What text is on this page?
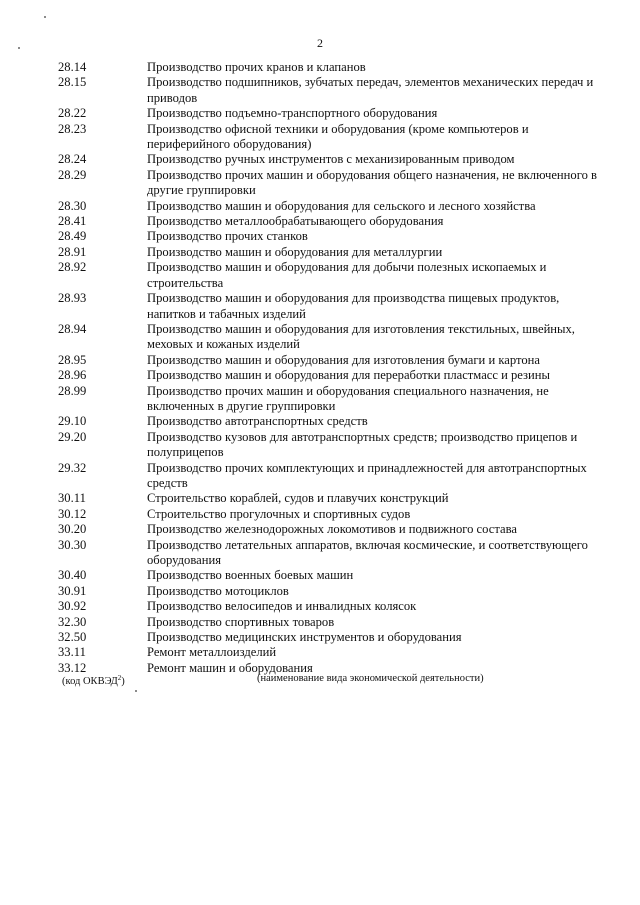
2
28.14	Производство прочих кранов и клапанов
28.15	Производство подшипников, зубчатых передач, элементов механических передач и приводов
28.22	Производство подъемно-транспортного оборудования
28.23	Производство офисной техники и оборудования (кроме компьютеров и периферийного оборудования)
28.24	Производство ручных инструментов с механизированным приводом
28.29	Производство прочих машин и оборудования общего назначения, не включенного в другие группировки
28.30	Производство машин и оборудования для сельского и лесного хозяйства
28.41	Производство металлообрабатывающего оборудования
28.49	Производство прочих станков
28.91	Производство машин и оборудования для металлургии
28.92	Производство машин и оборудования для добычи полезных ископаемых и строительства
28.93	Производство машин и оборудования для производства пищевых продуктов, напитков и табачных изделий
28.94	Производство машин и оборудования для изготовления текстильных, швейных, меховых и кожаных изделий
28.95	Производство машин и оборудования для изготовления бумаги и картона
28.96	Производство машин и оборудования для переработки пластмасс и резины
28.99	Производство прочих машин и оборудования специального назначения, не включенных в другие группировки
29.10	Производство автотранспортных средств
29.20	Производство кузовов для автотранспортных средств; производство прицепов и полуприцепов
29.32	Производство прочих комплектующих и принадлежностей для автотранспортных средств
30.11	Строительство кораблей, судов и плавучих конструкций
30.12	Строительство прогулочных и спортивных судов
30.20	Производство железнодорожных локомотивов и подвижного состава
30.30	Производство летательных аппаратов, включая космические, и соответствующего оборудования
30.40	Производство военных боевых машин
30.91	Производство мотоциклов
30.92	Производство велосипедов и инвалидных колясок
32.30	Производство спортивных товаров
32.50	Производство медицинских инструментов и оборудования
33.11	Ремонт металлоизделий
33.12	Ремонт машин и оборудования
(код ОКВЭД$^2$)	(наименование вида экономической деятельности)
